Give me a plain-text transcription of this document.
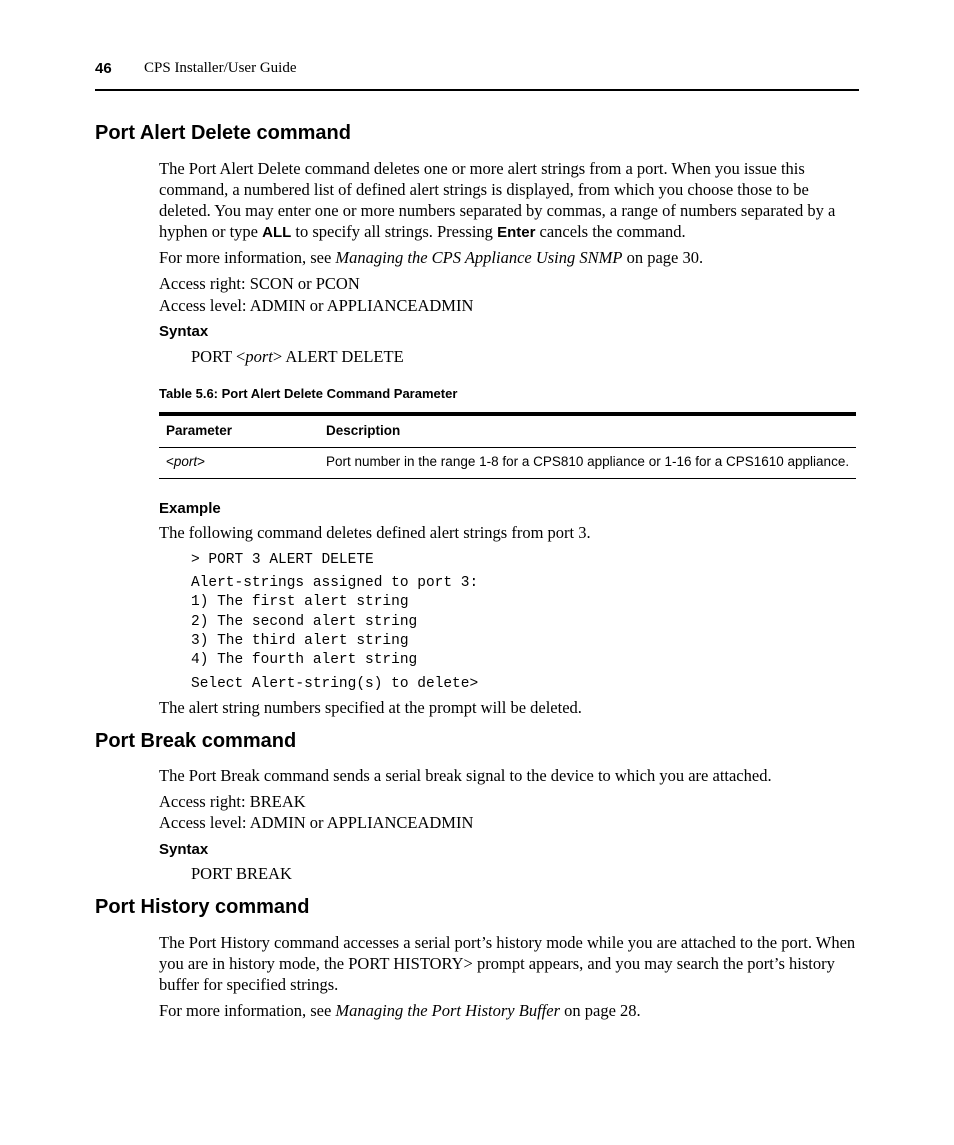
46 CPS Installer/User Guide
Port Alert Delete command
The Port Alert Delete command deletes one or more alert strings from a port. When you issue this command, a numbered list of defined alert strings is displayed, from which you choose those to be deleted. You may enter one or more numbers separated by commas, a range of numbers separated by a hyphen or type ALL to specify all strings. Pressing Enter cancels the command.
For more information, see Managing the CPS Appliance Using SNMP on page 30.
Access right: SCON or PCON
Access level: ADMIN or APPLIANCEADMIN
Syntax
PORT <port> ALERT DELETE
Table 5.6: Port Alert Delete Command Parameter
Parameter	Description
<port>	Port number in the range 1-8 for a CPS810 appliance or 1-16 for a CPS1610 appliance.
Example
The following command deletes defined alert strings from port 3.
> PORT 3 ALERT DELETE
Alert-strings assigned to port 3:
1) The first alert string
2) The second alert string
3) The third alert string
4) The fourth alert string
Select Alert-string(s) to delete>
The alert string numbers specified at the prompt will be deleted.
Port Break command
The Port Break command sends a serial break signal to the device to which you are attached.
Access right: BREAK
Access level: ADMIN or APPLIANCEADMIN
Syntax
PORT BREAK
Port History command
The Port History command accesses a serial port’s history mode while you are attached to the port. When you are in history mode, the PORT HISTORY> prompt appears, and you may search the port’s history buffer for specified strings.
For more information, see Managing the Port History Buffer on page 28.
